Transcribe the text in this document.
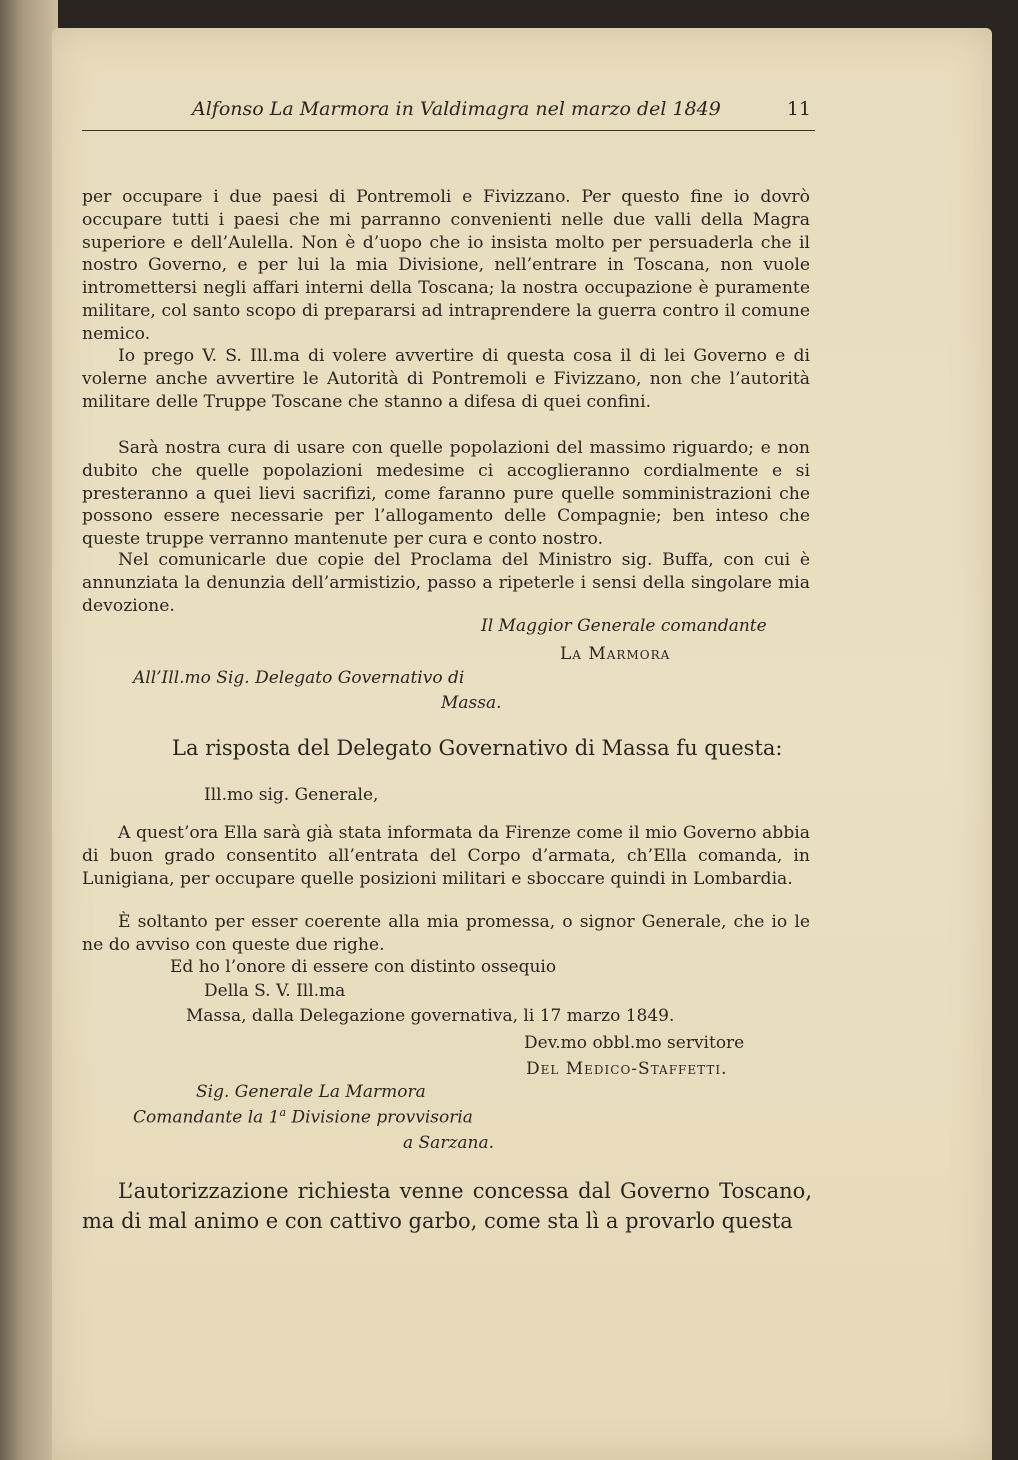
Alfonso La Marmora in Valdimagra nel marzo del 1849	11

per occupare i due paesi di Pontremoli e Fivizzano. Per questo fine io dovrò occupare tutti i paesi che mi parranno convenienti nelle due valli della Magra superiore e dell’Aulella. Non è d’uopo che io insista molto per persuaderla che il nostro Governo, e per lui la mia Divisione, nell’entrare in Toscana, non vuole intromettersi negli affari interni della Toscana; la nostra occupazione è puramente militare, col santo scopo di prepararsi ad intraprendere la guerra contro il comune nemico.

Io prego V. S. Ill.ma di volere avvertire di questa cosa il di lei Governo e di volerne anche avvertire le Autorità di Pontremoli e Fivizzano, non che l’autorità militare delle Truppe Toscane che stanno a difesa di quei confini.

Sarà nostra cura di usare con quelle popolazioni del massimo riguardo; e non dubito che quelle popolazioni medesime ci accoglieranno cordialmente e si presteranno a quei lievi sacrifizi, come faranno pure quelle somministrazioni che possono essere necessarie per l’allogamento delle Compagnie; ben inteso che queste truppe verranno mantenute per cura e conto nostro.

Nel comunicarle due copie del Proclama del Ministro sig. Buffa, con cui è annunziata la denunzia dell’armistizio, passo a ripeterle i sensi della singolare mia devozione.

Il Maggior Generale comandante
La Marmora
All’Ill.mo Sig. Delegato Governativo di
Massa.
La risposta del Delegato Governativo di Massa fu questa:
Ill.mo sig. Generale,

A quest’ora Ella sarà già stata informata da Firenze come il mio Governo abbia di buon grado consentito all’entrata del Corpo d’armata, ch’Ella comanda, in Lunigiana, per occupare quelle posizioni militari e sboccare quindi in Lombardia.

È soltanto per esser coerente alla mia promessa, o signor Generale, che io le ne do avviso con queste due righe.

Ed ho l’onore di essere con distinto ossequio
Della S. V. Ill.ma
Massa, dalla Delegazione governativa, li 17 marzo 1849.
Dev.mo obbl.mo servitore
Del Medico-Staffetti.
Sig. Generale La Marmora
Comandante la 1$^a$ Divisione provvisoria
a Sarzana.

L’autorizzazione richiesta venne concessa dal Governo Toscano, ma di mal animo e con cattivo garbo, come sta lì a provarlo questa
